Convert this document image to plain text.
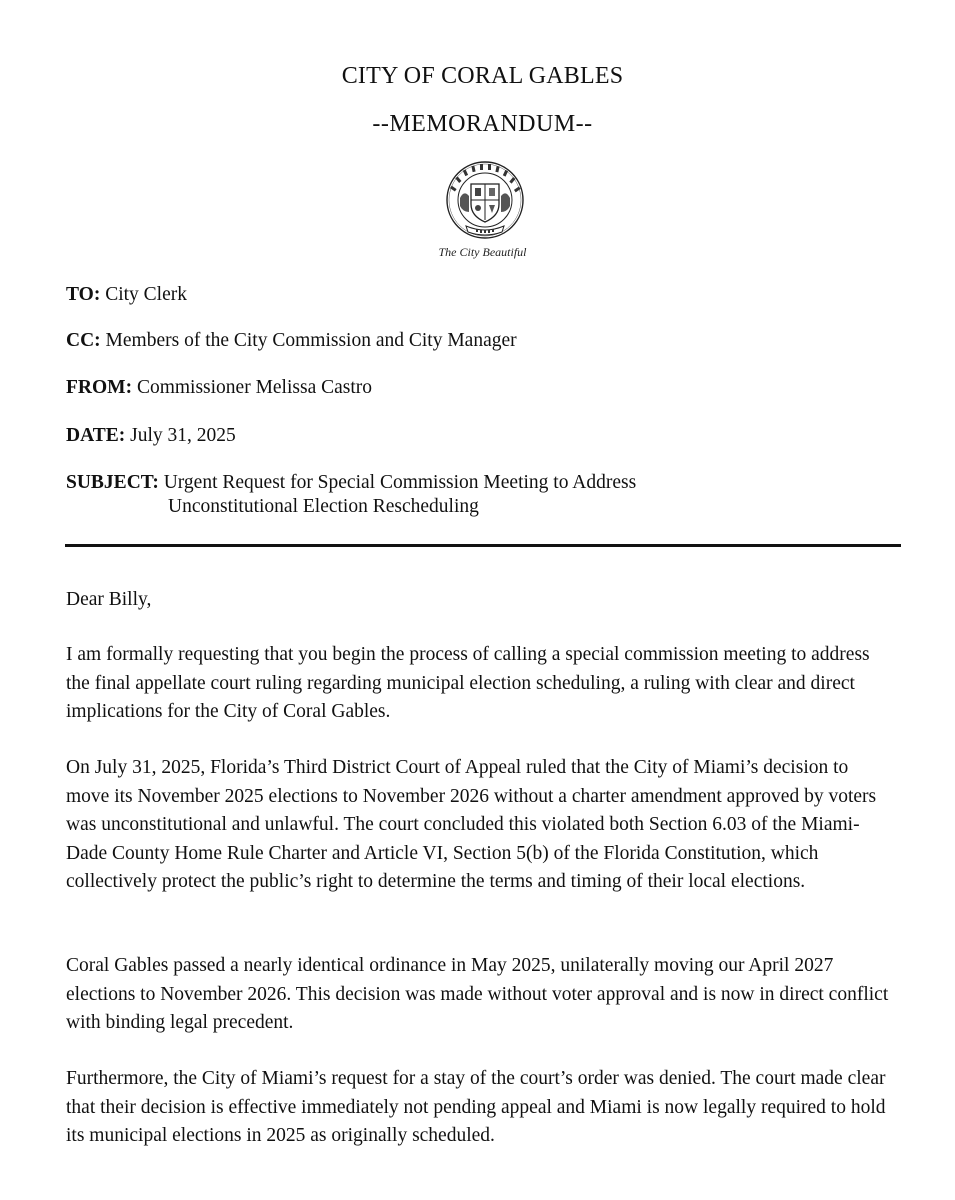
CITY OF CORAL GABLES
--MEMORANDUM--
The City Beautiful
TO: City Clerk
CC: Members of the City Commission and City Manager
FROM: Commissioner Melissa Castro
DATE: July 31, 2025
SUBJECT: Urgent Request for Special Commission Meeting to Address
Unconstitutional Election Rescheduling
Dear Billy,
I am formally requesting that you begin the process of calling a special commission meeting to address the final appellate court ruling regarding municipal election scheduling, a ruling with clear and direct implications for the City of Coral Gables.
On July 31, 2025, Florida’s Third District Court of Appeal ruled that the City of Miami’s decision to move its November 2025 elections to November 2026 without a charter amendment approved by voters was unconstitutional and unlawful. The court concluded this violated both Section 6.03 of the Miami-Dade County Home Rule Charter and Article VI, Section 5(b) of the Florida Constitution, which collectively protect the public’s right to determine the terms and timing of their local elections.
Coral Gables passed a nearly identical ordinance in May 2025, unilaterally moving our April 2027 elections to November 2026. This decision was made without voter approval and is now in direct conflict with binding legal precedent.
Furthermore, the City of Miami’s request for a stay of the court’s order was denied. The court made clear that their decision is effective immediately not pending appeal and Miami is now legally required to hold its municipal elections in 2025 as originally scheduled.
